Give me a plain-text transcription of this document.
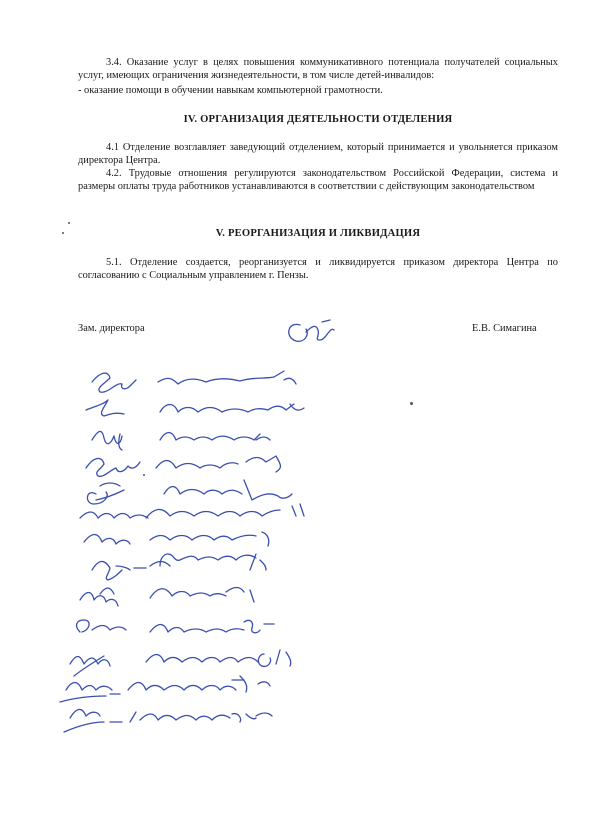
3.4. Оказание услуг в целях повышения коммуникативного потенциала получателей социальных услуг, имеющих ограничения жизнедеятельности, в том числе детей-инвалидов:

- оказание помощи в обучении навыкам компьютерной грамотности.

IV. ОРГАНИЗАЦИЯ ДЕЯТЕЛЬНОСТИ ОТДЕЛЕНИЯ

4.1 Отделение возглавляет заведующий отделением, который принимается и увольняется приказом директора Центра.

4.2. Трудовые отношения регулируются законодательством Российской Федерации, система и размеры оплаты труда работников устанавливаются в соответствии с действующим законодательством

V. РЕОРГАНИЗАЦИЯ И ЛИКВИДАЦИЯ

5.1. Отделение создается, реорганизуется и ликвидируется приказом директора Центра по согласованию с Социальным управлением г. Пензы.

Зам. директора	Е.В. Симагина
